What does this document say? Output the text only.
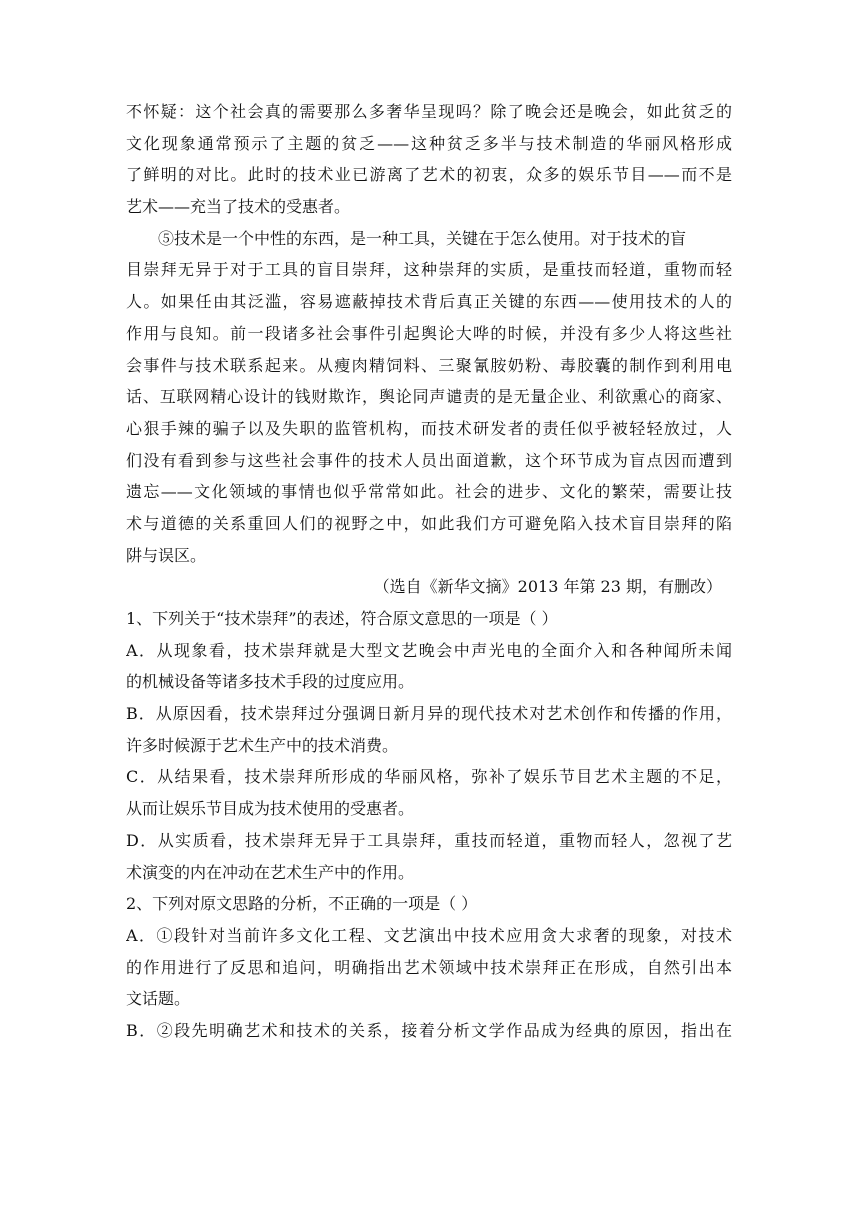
不怀疑：这个社会真的需要那么多奢华呈现吗？除了晚会还是晚会，如此贫乏的
文化现象通常预示了主题的贫乏——这种贫乏多半与技术制造的华丽风格形成
了鲜明的对比。此时的技术业已游离了艺术的初衷，众多的娱乐节目——而不是
艺术——充当了技术的受惠者。
⑤技术是一个中性的东西，是一种工具，关键在于怎么使用。对于技术的盲
目崇拜无异于对于工具的盲目崇拜，这种崇拜的实质，是重技而轻道，重物而轻
人。如果任由其泛滥，容易遮蔽掉技术背后真正关键的东西——使用技术的人的
作用与良知。前一段诸多社会事件引起舆论大哗的时候，并没有多少人将这些社
会事件与技术联系起来。从瘦肉精饲料、三聚氰胺奶粉、毒胶囊的制作到利用电
话、互联网精心设计的钱财欺诈，舆论同声谴责的是无量企业、利欲熏心的商家、
心狠手辣的骗子以及失职的监管机构，而技术研发者的责任似乎被轻轻放过，人
们没有看到参与这些社会事件的技术人员出面道歉，这个环节成为盲点因而遭到
遗忘——文化领域的事情也似乎常常如此。社会的进步、文化的繁荣，需要让技
术与道德的关系重回人们的视野之中，如此我们方可避免陷入技术盲目崇拜的陷
阱与误区。
（选自《新华文摘》2013 年第 23 期，有删改）
1、下列关于“技术崇拜”的表述，符合原文意思的一项是（ ）
A．从现象看，技术崇拜就是大型文艺晚会中声光电的全面介入和各种闻所未闻
的机械设备等诸多技术手段的过度应用。
B．从原因看，技术崇拜过分强调日新月异的现代技术对艺术创作和传播的作用，
许多时候源于艺术生产中的技术消费。
C．从结果看，技术崇拜所形成的华丽风格，弥补了娱乐节目艺术主题的不足，
从而让娱乐节目成为技术使用的受惠者。
D．从实质看，技术崇拜无异于工具崇拜，重技而轻道，重物而轻人，忽视了艺
术演变的内在冲动在艺术生产中的作用。
2、下列对原文思路的分析，不正确的一项是（ ）
A．①段针对当前许多文化工程、文艺演出中技术应用贪大求奢的现象，对技术
的作用进行了反思和追问，明确指出艺术领域中技术崇拜正在形成，自然引出本
文话题。
B．②段先明确艺术和技术的关系，接着分析文学作品成为经典的原因，指出在
